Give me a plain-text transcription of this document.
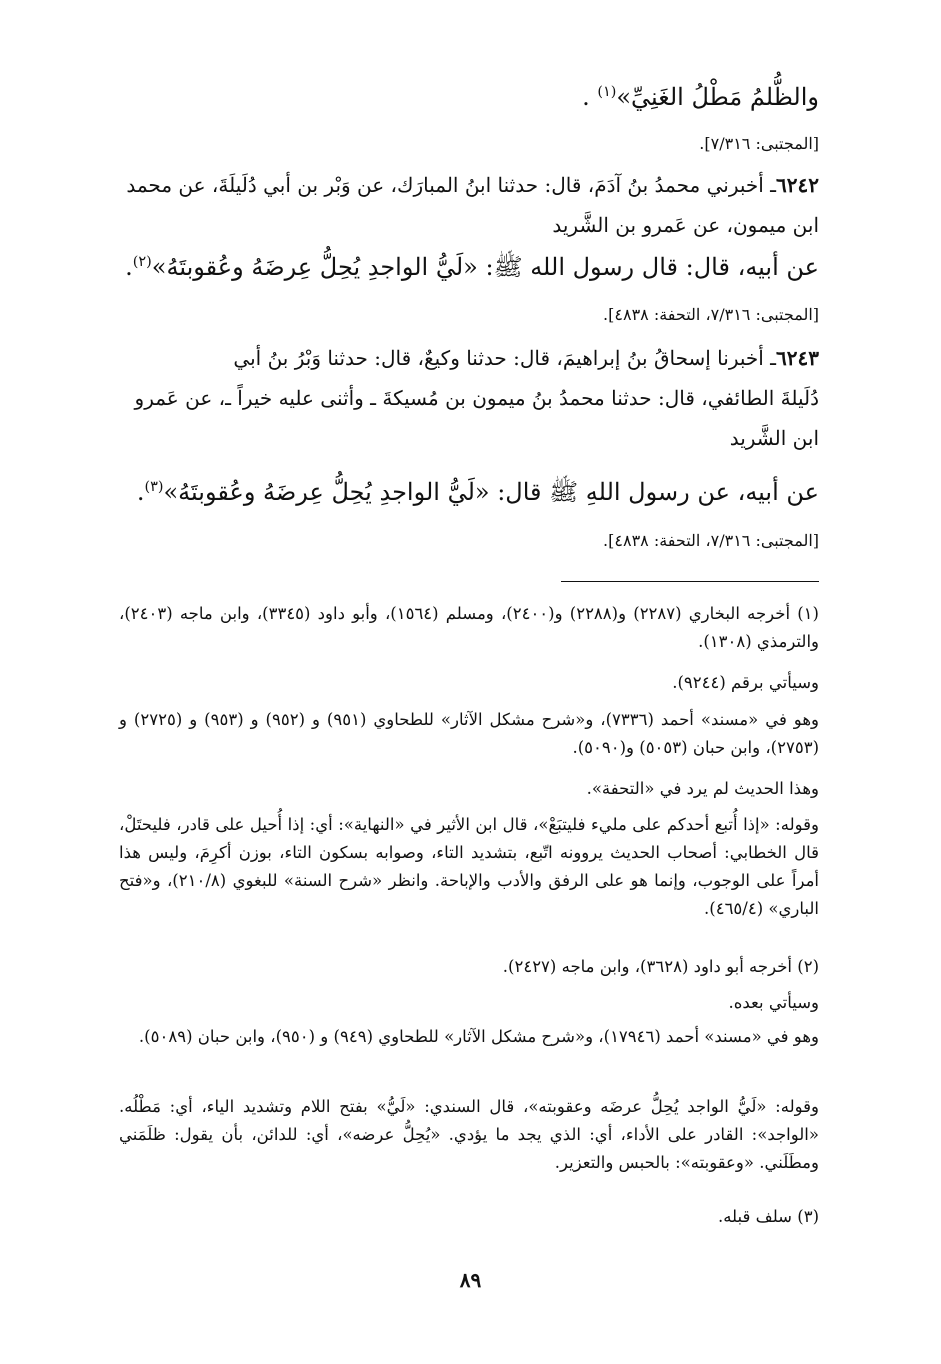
والظُّلمُ مَطْلُ الغَنِيِّ»$^{(١)}$ .
[المجتبى: ٧/٣١٦].
٦٢٤٢ـ أخبرني محمدُ بنُ آدَمَ، قال: حدثنا ابنُ المبارَك، عن وَبْر بن أبي دُلَيلَةَ، عن محمد
ابن ميمون، عن عَمرو بن الشَّريد
عن أبيه، قال: قال رسول الله ﷺ: «لَيُّ الواجدِ يُحِلُّ عِرضَهُ وعُقوبتَهُ»$^{(٢)}$.
[المجتبى: ٧/٣١٦، التحفة: ٤٨٣٨].
٦٢٤٣ـ أخبرنا إسحاقُ بنُ إبراهيمَ، قال: حدثنا وكيعٌ، قال: حدثنا وَبْرُ بنُ أبي
دُلَيلةَ الطائفي، قال: حدثنا محمدُ بنُ ميمون بن مُسيكةَ ـ وأثنى عليه خيراً ـ، عن عَمرو
ابن الشَّريد
عن أبيه، عن رسول اللهِ ﷺ قال: «لَيُّ الواجدِ يُحِلُّ عِرضَهُ وعُقوبتَهُ»$^{(٣)}$.
[المجتبى: ٧/٣١٦، التحفة: ٤٨٣٨].
(١) أخرجه البخاري (٢٢٨٧) و(٢٢٨٨) و(٢٤٠٠)، ومسلم (١٥٦٤)، وأبو داود (٣٣٤٥)، وابن ماجه (٢٤٠٣)، والترمذي (١٣٠٨).
وسيأتي برقم (٩٢٤٤).
وهو في «مسند» أحمد (٧٣٣٦)، و«شرح مشكل الآثار» للطحاوي (٩٥١) و (٩٥٢) و (٩٥٣) و (٢٧٢٥) و (٢٧٥٣)، وابن حبان (٥٠٥٣) و(٥٠٩٠).
وهذا الحديث لم يرد في «التحفة».
وقوله: «إذا أُتبع أحدكم على مليء فليتبَعْ»، قال ابن الأثير في «النهاية»: أي: إذا أُحيل على قادر، فليحتَلْ، قال الخطابي: أصحاب الحديث يروونه اتّبع، بتشديد التاء، وصوابه بسكون التاء، بوزن أكرِمَ، وليس هذا أمراً على الوجوب، وإنما هو على الرفق والأدب والإباحة. وانظر «شرح السنة» للبغوي (٢١٠/٨)، و«فتح الباري» (٤٦٥/٤).
(٢) أخرجه أبو داود (٣٦٢٨)، وابن ماجه (٢٤٢٧).
وسيأتي بعده.
وهو في «مسند» أحمد (١٧٩٤٦)، و«شرح مشكل الآثار» للطحاوي (٩٤٩) و (٩٥٠)، وابن حبان (٥٠٨٩).
وقوله: «لَيُّ الواجد يُحِلُّ عرضَه وعقوبته»، قال السندي: «لَيُّ» بفتح اللام وتشديد الياء، أي: مَطْلُه. «الواجد»: القادر على الأداء، أي: الذي يجد ما يؤدي. «يُحِلُّ عرضه»، أي: للدائن، بأن يقول: ظلَمَني ومطَلَني. «وعقوبته»: بالحبس والتعزير.
(٣) سلف قبله.
٨٩
